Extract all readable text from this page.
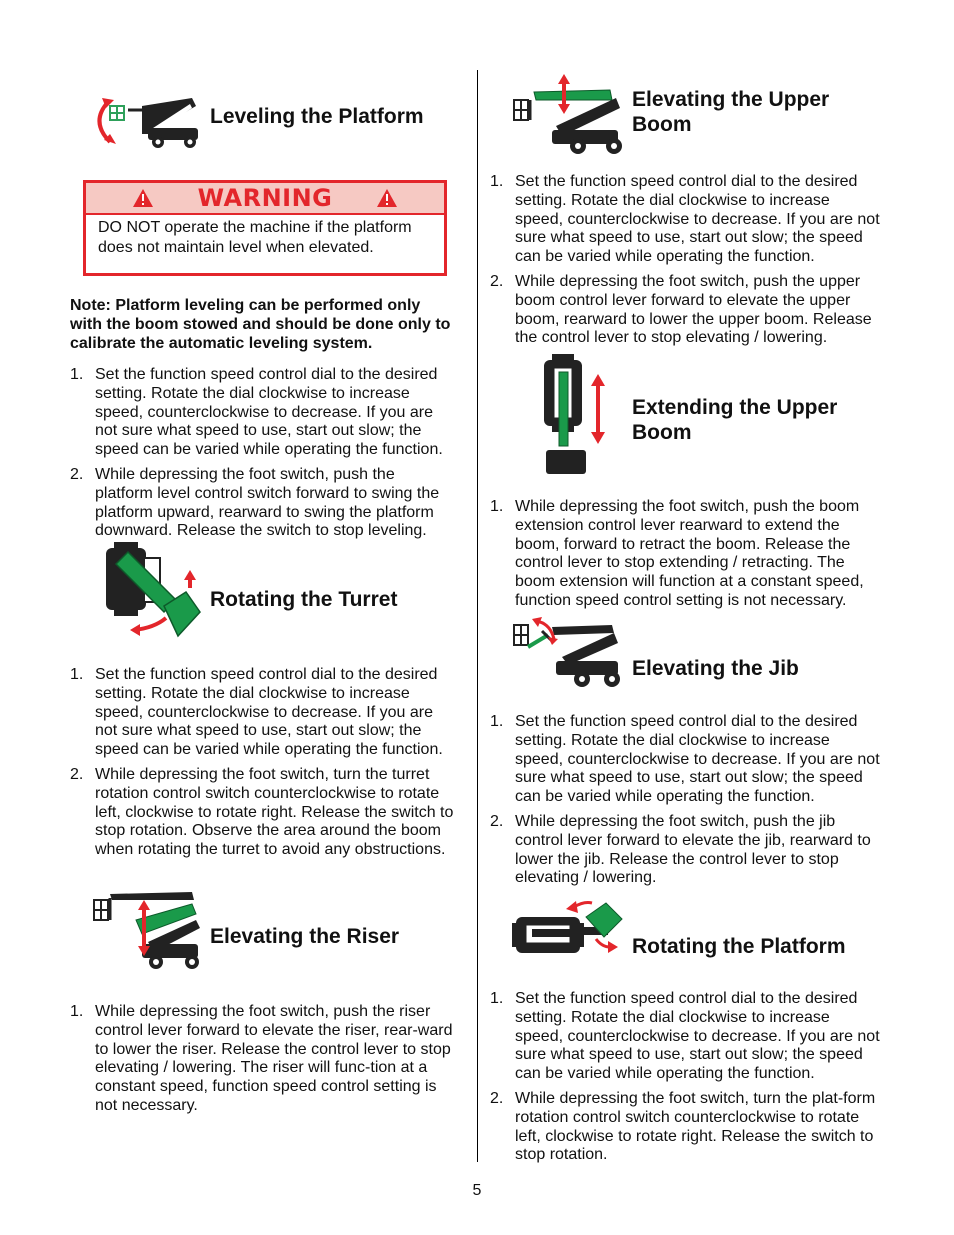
Leveling the Platform
WARNING
DO NOT operate the machine if the platform does not maintain level when elevated.
Note: Platform leveling can be performed only with the boom stowed and should be done only to calibrate the automatic leveling system.
1. Set the function speed control dial to the desired setting. Rotate the dial clockwise to increase speed, counterclockwise to decrease. If you are not sure what speed to use, start out slow; the speed can be varied while operating the function.
2. While depressing the foot switch, push the platform level control switch forward to swing the platform upward, rearward to swing the platform downward. Release the switch to stop leveling.
Rotating the Turret
1. Set the function speed control dial to the desired setting. Rotate the dial clockwise to increase speed, counterclockwise to decrease. If you are not sure what speed to use, start out slow; the speed can be varied while operating the function.
2. While depressing the foot switch, turn the turret rotation control switch counterclockwise to rotate left, clockwise to rotate right. Release the switch to stop rotation. Observe the area around the boom when rotating the turret to avoid any obstructions.
Elevating the Riser
1. While depressing the foot switch, push the riser control lever forward to elevate the riser, rear-ward to lower the riser. Release the control lever to stop elevating / lowering. The riser will func-tion at a constant speed, function speed control setting is not necessary.
Elevating the Upper Boom
1. Set the function speed control dial to the desired setting. Rotate the dial clockwise to increase speed, counterclockwise to decrease. If you are not sure what speed to use, start out slow; the speed can be varied while operating the function.
2. While depressing the foot switch, push the upper boom control lever forward to elevate the upper boom, rearward to lower the upper boom. Release the control lever to stop elevating / lowering.
Extending the Upper Boom
1. While depressing the foot switch, push the boom extension control lever rearward to extend the boom, forward to retract the boom. Release the control lever to stop extending / retracting. The boom extension will function at a constant speed, function speed control setting is not necessary.
Elevating the Jib
1. Set the function speed control dial to the desired setting. Rotate the dial clockwise to increase speed, counterclockwise to decrease. If you are not sure what speed to use, start out slow; the speed can be varied while operating the function.
2. While depressing the foot switch, push the jib control lever forward to elevate the jib, rearward to lower the jib. Release the control lever to stop elevating / lowering.
Rotating the Platform
1. Set the function speed control dial to the desired setting. Rotate the dial clockwise to increase speed, counterclockwise to decrease. If you are not sure what speed to use, start out slow; the speed can be varied while operating the function.
2. While depressing the foot switch, turn the plat-form rotation control switch counterclockwise to rotate left, clockwise to rotate right. Release the switch to stop rotation.
5
